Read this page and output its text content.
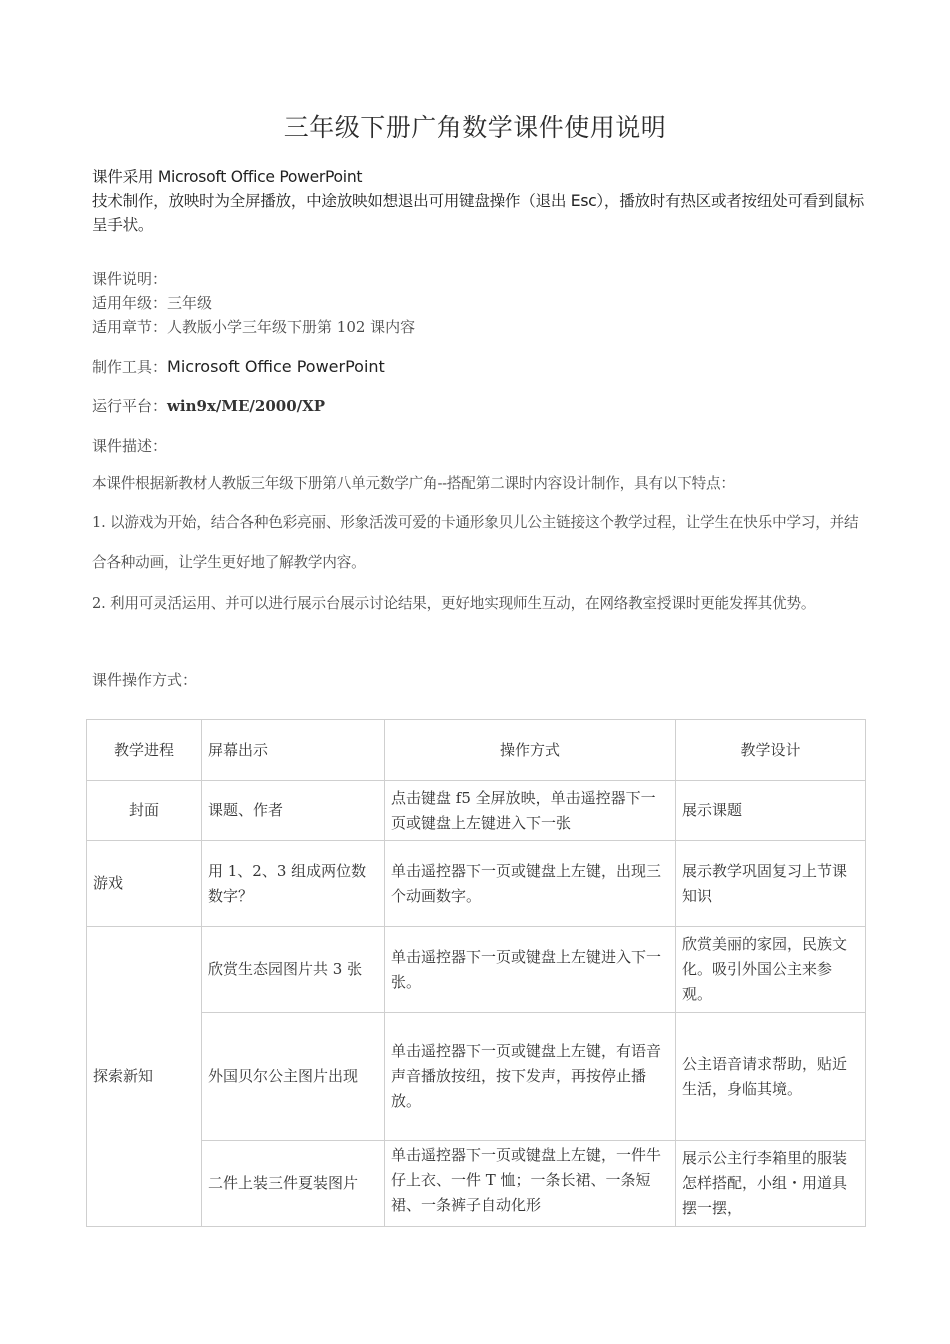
三年级下册广角数学课件使用说明
课件采用 Microsoft Office PowerPoint
技术制作，放映时为全屏播放，中途放映如想退出可用键盘操作（退出 Esc），播放时有热区或者按纽处可看到鼠标呈手状。
课件说明：
适用年级：三年级
适用章节：人教版小学三年级下册第 102 课内容
制作工具：Microsoft Office PowerPoint
运行平台：win9x/ME/2000/XP
课件描述：
本课件根据新教材人教版三年级下册第八单元数学广角--搭配第二课时内容设计制作，具有以下特点：
1. 以游戏为开始，结合各种色彩亮丽、形象活泼可爱的卡通形象贝儿公主链接这个教学过程，让学生在快乐中学习，并结合各种动画，让学生更好地了解教学内容。
2. 利用可灵活运用、并可以进行展示台展示讨论结果，更好地实现师生互动，在网络教室授课时更能发挥其优势。
课件操作方式：
教学进程	屏幕出示	操作方式	教学设计
封面	课题、作者	点击键盘 f5 全屏放映，单击遥控器下一页或键盘上左键进入下一张	展示课题
游戏	用 1、2、3 组成两位数数字？	单击遥控器下一页或键盘上左键，出现三个动画数字。	展示教学巩固复习上节课知识
探索新知	欣赏生态园图片共 3 张	单击遥控器下一页或键盘上左键进入下一张。	欣赏美丽的家园，民族文化。吸引外国公主来参观。
	外国贝尔公主图片出现	单击遥控器下一页或键盘上左键，有语音声音播放按纽，按下发声，再按停止播放。	公主语音请求帮助，贴近生活，身临其境。
	二件上装三件夏装图片	单击遥控器下一页或键盘上左键，一件牛仔上衣、一件 T 恤；一条长裙、一条短裙、一条裤子自动化形	展示公主行李箱里的服装怎样搭配，小组・用道具摆一摆，
